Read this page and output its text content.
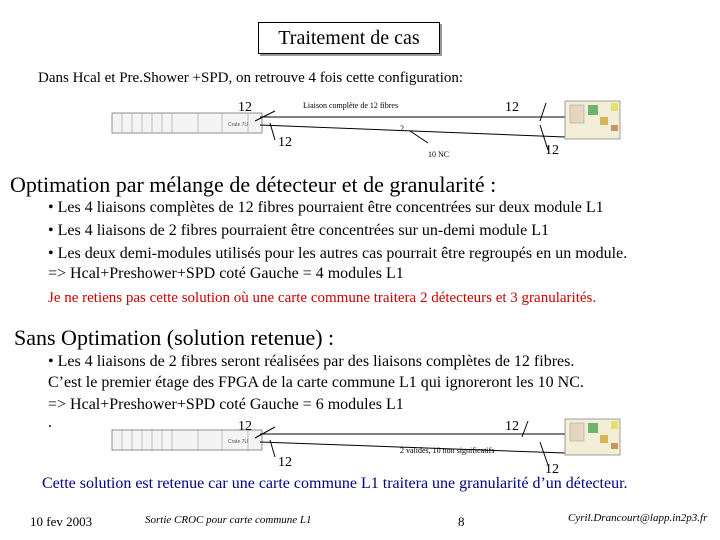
Traitement de cas
Dans Hcal et Pre.Shower +SPD, on retrouve 4 fois cette configuration:
Crate 7U
12	Liaison complète de 12 fibres	12
2
12
10 NC	12
Optimation par mélange de détecteur et de granularité :
• Les 4 liaisons complètes de 12 fibres pourraient être concentrées sur deux module L1
• Les 4 liaisons de 2 fibres pourraient être concentrées sur un-demi module L1
• Les deux demi-modules utilisés pour les autres cas pourrait être regroupés en un module.
=> Hcal+Preshower+SPD coté Gauche = 4 modules L1
Je ne retiens pas cette solution où une carte commune traitera 2 détecteurs et 3 granularités.
Sans Optimation (solution retenue) :
• Les 4 liaisons de 2 fibres seront réalisées par des liaisons complètes de 12 fibres.
C’est le premier étage des FPGA de la carte commune L1 qui ignoreront les 10 NC.
=> Hcal+Preshower+SPD coté Gauche = 6 modules L1
.
Crate 7U
12	12
2 valides, 10 non significatifs
12	12
Cette solution est retenue car une carte commune L1 traitera une granularité d’un détecteur.
10 fev 2003	Sortie CROC pour carte commune L1	8	Cyril.Drancourt@lapp.in2p3.fr
